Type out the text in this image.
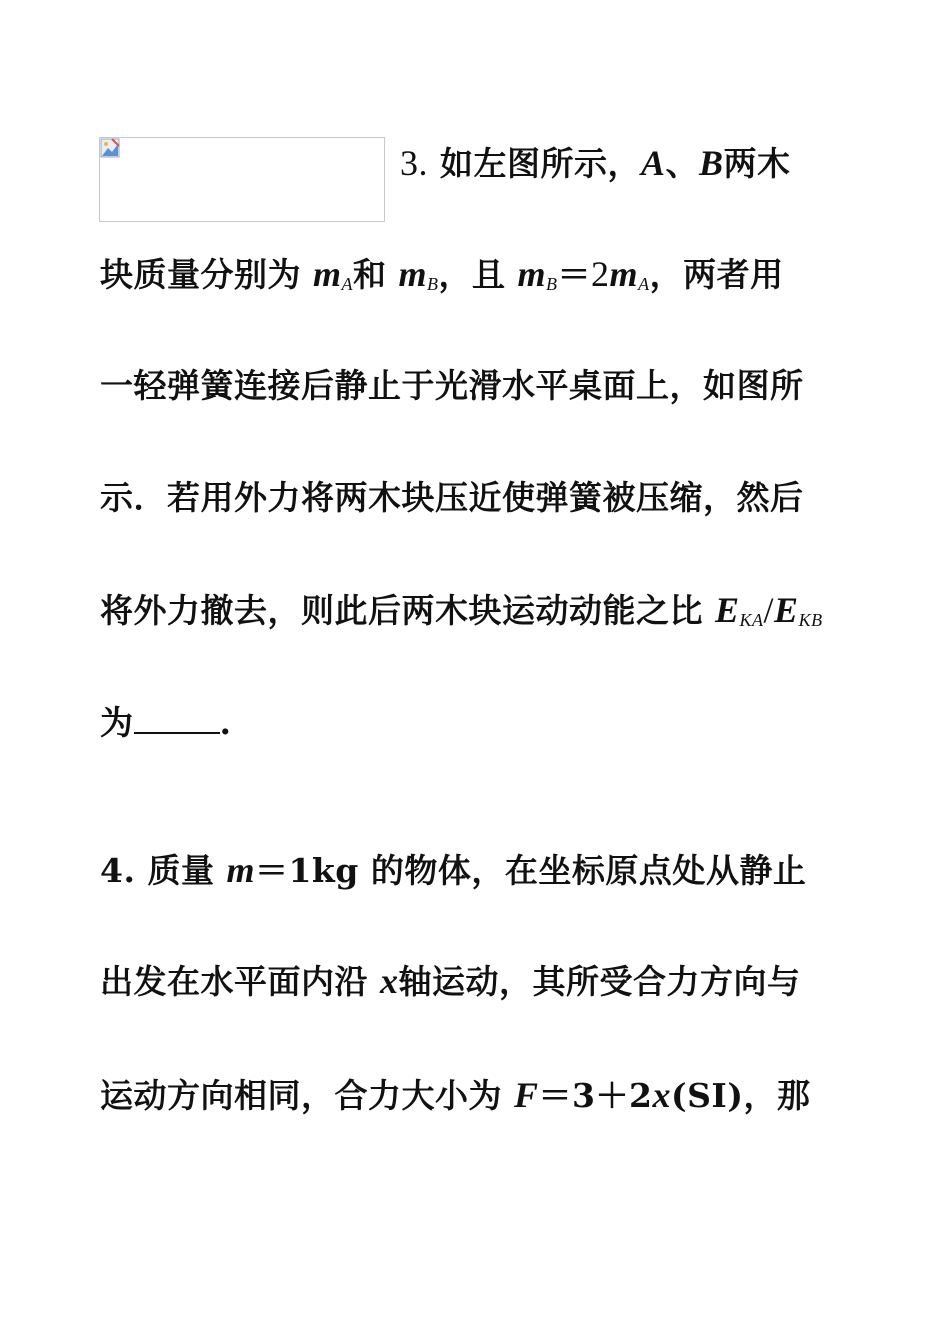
3. 如左图所示，A、B两木
块质量分别为 $m_A$和 $m_B$，且 $m_B=2m_A$，两者用
一轻弹簧连接后静止于光滑水平桌面上，如图所
示．若用外力将两木块压近使弹簧被压缩，然后
将外力撤去，则此后两木块运动动能之比 $E_{KA}/E_{KB}$
为	.
4. 质量 m＝1kg 的物体，在坐标原点处从静止
出发在水平面内沿 x轴运动，其所受合力方向与
运动方向相同，合力大小为 F＝3＋2x(SI)，那
